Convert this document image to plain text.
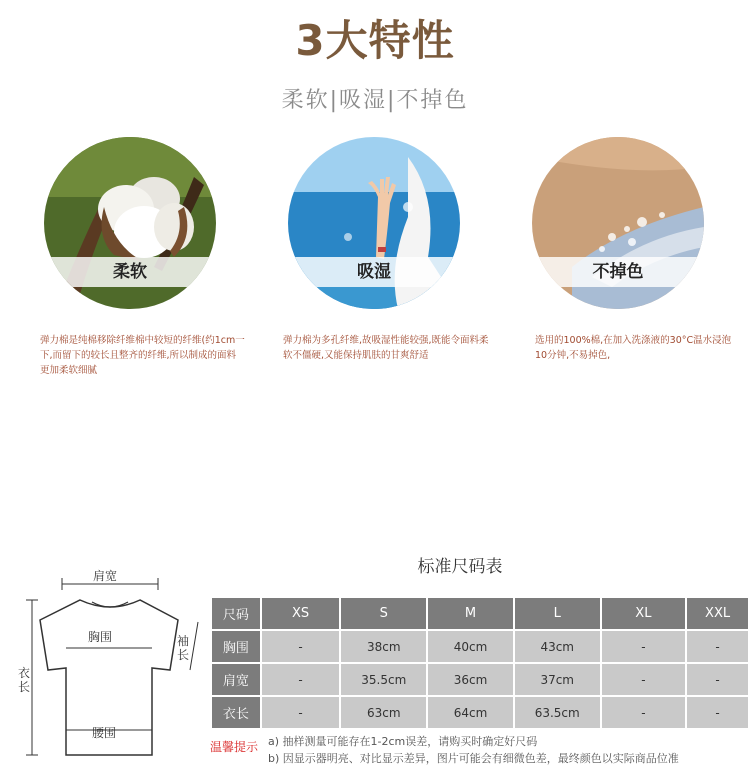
3大特性
柔软|吸湿|不掉色
柔软
弹力棉是纯棉移除纤维棉中较短的纤维(约1cm一下,而留下的较长且整齐的纤维,所以制成的面料更加柔软细腻
吸湿
弹力棉为多孔纤维,故吸湿性能较强,既能令面料柔软不僵硬,又能保持肌肤的甘爽舒适
不掉色
选用的100%棉,在加入洗涤液的30°C温水浸泡10分钟,不易掉色,
标准尺码表
肩宽
胸围
腰围
袖长
衣长
尺码	XS	S	M	L	XL	XXL
胸围	-	38cm	40cm	43cm	-	-
肩宽	-	35.5cm	36cm	37cm	-	-
衣长	-	63cm	64cm	63.5cm	-	-
温馨提示 a) 抽样测量可能存在1-2cm误差，请购买时确定好尺码
b) 因显示器明亮、对比显示差异，图片可能会有细微色差，最终颜色以实际商品位准
